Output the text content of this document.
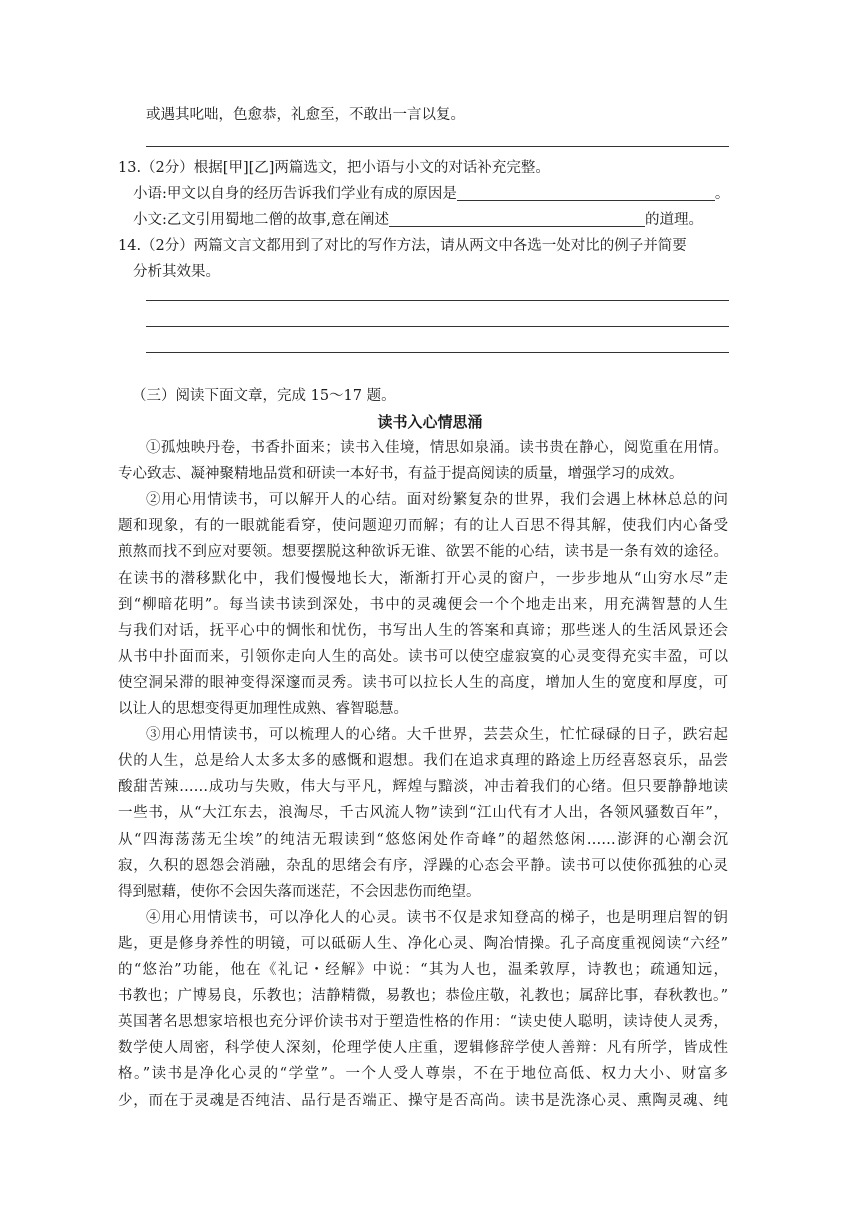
或遇其叱咄，色愈恭，礼愈至，不敢出一言以复。
13.（2分）根据[甲][乙]两篇选文，把小语与小文的对话补充完整。
小语:甲文以自身的经历告诉我们学业有成的原因是	。
小文:乙文引用蜀地二僧的故事,意在阐述	的道理。
14.（2分）两篇文言文都用到了对比的写作方法，请从两文中各选一处对比的例子并简要
分析其效果。
（三）阅读下面文章，完成 15～17 题。
读书入心情思涌
①孤烛映丹卷，书香扑面来；读书入佳境，情思如泉涌。读书贵在静心，阅览重在用情。
专心致志、凝神聚精地品赏和研读一本好书，有益于提高阅读的质量，增强学习的成效。
②用心用情读书，可以解开人的心结。面对纷繁复杂的世界，我们会遇上林林总总的问
题和现象，有的一眼就能看穿，使问题迎刃而解；有的让人百思不得其解，使我们内心备受
煎熬而找不到应对要领。想要摆脱这种欲诉无谁、欲罢不能的心结，读书是一条有效的途径。
在读书的潜移默化中，我们慢慢地长大，渐渐打开心灵的窗户，一步步地从“山穷水尽”走
到“柳暗花明”。每当读书读到深处，书中的灵魂便会一个个地走出来，用充满智慧的人生
与我们对话，抚平心中的惆怅和忧伤，书写出人生的答案和真谛；那些迷人的生活风景还会
从书中扑面而来，引领你走向人生的高处。读书可以使空虚寂寞的心灵变得充实丰盈，可以
使空洞呆滞的眼神变得深邃而灵秀。读书可以拉长人生的高度，增加人生的宽度和厚度，可
以让人的思想变得更加理性成熟、睿智聪慧。
③用心用情读书，可以梳理人的心绪。大千世界，芸芸众生，忙忙碌碌的日子，跌宕起
伏的人生，总是给人太多太多的感慨和遐想。我们在追求真理的路途上历经喜怒哀乐，品尝
酸甜苦辣……成功与失败，伟大与平凡，辉煌与黯淡，冲击着我们的心绪。但只要静静地读
一些书，从“大江东去，浪淘尽，千古风流人物”读到“江山代有才人出，各领风骚数百年”，
从“四海荡荡无尘埃”的纯洁无瑕读到“悠悠闲处作奇峰”的超然悠闲……澎湃的心潮会沉
寂，久积的恩怨会消融，杂乱的思绪会有序，浮躁的心态会平静。读书可以使你孤独的心灵
得到慰藉，使你不会因失落而迷茫，不会因悲伤而绝望。
④用心用情读书，可以净化人的心灵。读书不仅是求知登高的梯子，也是明理启智的钥
匙，更是修身养性的明镜，可以砥砺人生、净化心灵、陶冶情操。孔子高度重视阅读“六经”
的“悠治”功能，他在《礼记・经解》中说：“其为人也，温柔敦厚，诗教也；疏通知远，
书教也；广博易良，乐教也；洁静精微，易教也；恭俭庄敬，礼教也；属辞比事，春秋教也。”
英国著名思想家培根也充分评价读书对于塑造性格的作用：“读史使人聪明，读诗使人灵秀，
数学使人周密，科学使人深刻，伦理学使人庄重，逻辑修辞学使人善辩：凡有所学，皆成性
格。”读书是净化心灵的“学堂”。一个人受人尊崇，不在于地位高低、权力大小、财富多
少，而在于灵魂是否纯洁、品行是否端正、操守是否高尚。读书是洗涤心灵、熏陶灵魂、纯
